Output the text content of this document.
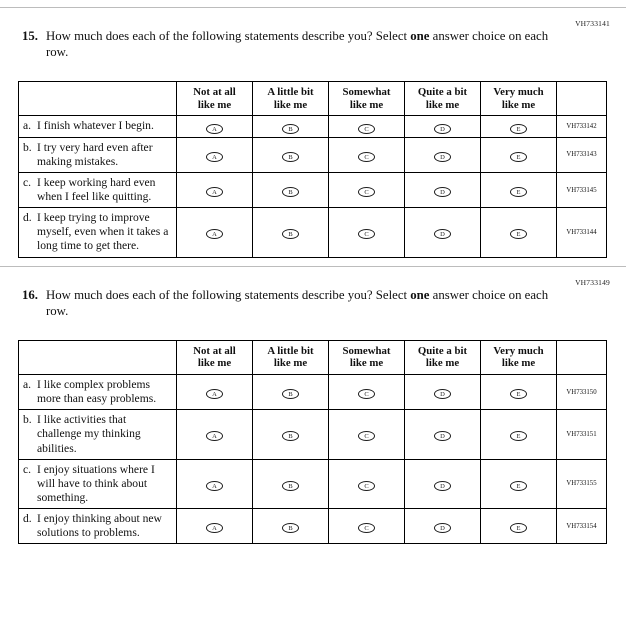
VH733141
15. How much does each of the following statements describe you? Select one answer choice on each row.

Not at all
like me

A little bit
like me

Somewhat
like me

Quite a bit
like me

Very much
like me

a. I finish whatever I begin.	A	B	C	D	E	VH733142

b. I try very hard even after making mistakes.	A	B	C	D	E	VH733143

c. I keep working hard even when I feel like quitting.	A	B	C	D	E	VH733145

d. I keep trying to improve myself, even when it takes a long time to get there.	A	B	C	D	E	VH733144
VH733149
16. How much does each of the following statements describe you? Select one answer choice on each row.

Not at all
like me

A little bit
like me

Somewhat
like me

Quite a bit
like me

Very much
like me

a. I like complex problems more than easy problems.	A	B	C	D	E	VH733150

b. I like activities that challenge my thinking abilities.	A	B	C	D	E	VH733151

c. I enjoy situations where I will have to think about something.	A	B	C	D	E	VH733155

d. I enjoy thinking about new solutions to problems.	A	B	C	D	E	VH733154
